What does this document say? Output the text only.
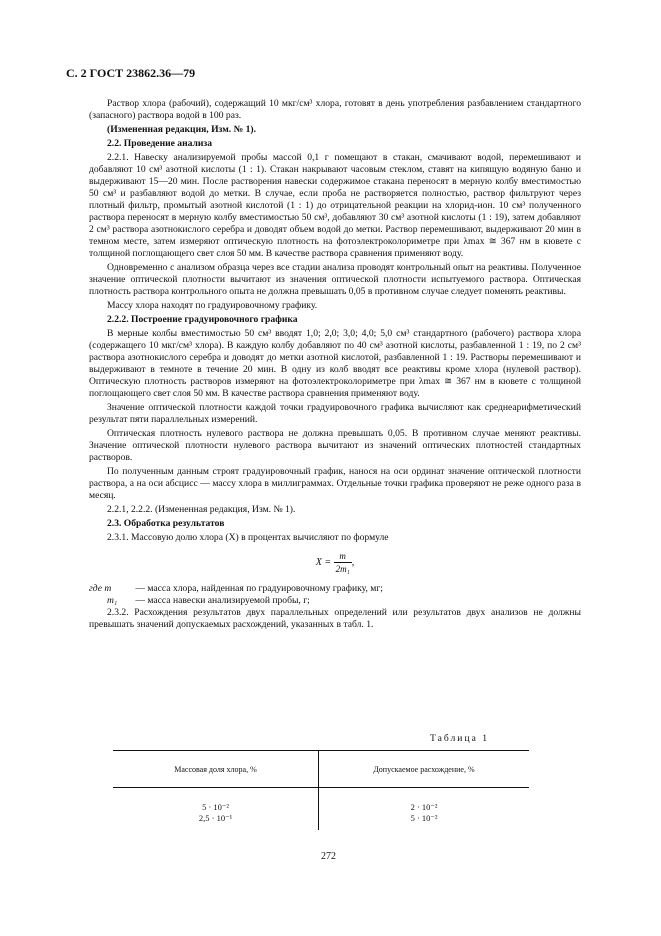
С. 2 ГОСТ 23862.36—79

Раствор хлора (рабочий), содержащий 10 мкг/см³ хлора, готовят в день употребления разбавлением стандартного (запасного) раствора водой в 100 раз.

(Измененная редакция, Изм. № 1).

2.2. Проведение анализа

2.2.1. Навеску анализируемой пробы массой 0,1 г помещают в стакан, смачивают водой, перемешивают и добавляют 10 см³ азотной кислоты (1 : 1). Стакан накрывают часовым стеклом, ставят на кипящую водяную баню и выдерживают 15—20 мин. После растворения навески содержимое стакана переносят в мерную колбу вместимостью 50 см³ и разбавляют водой до метки. В случае, если проба не растворяется полностью, раствор фильтруют через плотный фильтр, промытый азотной кислотой (1 : 1) до отрицательной реакции на хлорид-ион. 10 см³ полученного раствора переносят в мерную колбу вместимостью 50 см³, добавляют 30 см³ азотной кислоты (1 : 19), затем добавляют 2 см³ раствора азотнокислого серебра и доводят объем водой до метки. Раствор перемешивают, выдерживают 20 мин в темном месте, затем измеряют оптическую плотность на фотоэлектроколориметре при λmax ≅ 367 нм в кювете с толщиной поглощающего свет слоя 50 мм. В качестве раствора сравнения применяют воду.

Одновременно с анализом образца через все стадии анализа проводят контрольный опыт на реактивы. Полученное значение оптической плотности вычитают из значения оптической плотности испытуемого раствора. Оптическая плотность раствора контрольного опыта не должна превышать 0,05 в противном случае следует поменять реактивы.

Массу хлора находят по градуировочному графику.

2.2.2. Построение градуировочного графика

В мерные колбы вместимостью 50 см³ вводят 1,0; 2,0; 3,0; 4,0; 5,0 см³ стандартного (рабочего) раствора хлора (содержащего 10 мкг/см³ хлора). В каждую колбу добавляют по 40 см³ азотной кислоты, разбавленной 1 : 19, по 2 см³ раствора азотнокислого серебра и доводят до метки азотной кислотой, разбавленной 1 : 19. Растворы перемешивают и выдерживают в темноте в течение 20 мин. В одну из колб вводят все реактивы кроме хлора (нулевой раствор). Оптическую плотность растворов измеряют на фотоэлектроколориметре при λmax ≅ 367 нм в кювете с толщиной поглощающего свет слоя 50 мм. В качестве раствора сравнения применяют воду.

Значение оптической плотности каждой точки градуировочного графика вычисляют как среднеарифметический результат пяти параллельных измерений.

Оптическая плотность нулевого раствора не должна превышать 0,05. В противном случае меняют реактивы. Значение оптической плотности нулевого раствора вычитают из значений оптических плотностей стандартных растворов.

По полученным данным строят градуировочный график, нанося на оси ординат значение оптической плотности раствора, а на оси абсцисс — массу хлора в миллиграммах. Отдельные точки графика проверяют не реже одного раза в месяц.

2.2.1, 2.2.2. (Измененная редакция, Изм. № 1).

2.3. Обработка результатов

2.3.1. Массовую долю хлора (X) в процентах вычисляют по формуле

$X = \frac{m}{\text{2m₁}}$ ,

где m	— масса хлора, найденная по градуировочному графику, мг;

m₁ — масса навески анализируемой пробы, г;

2.3.2. Расхождения результатов двух параллельных определений или результатов двух анализов не должны превышать значений допускаемых расхождений, указанных в табл. 1.

Таблица 1
Массовая доля хлора, %	Допускаемое расхождение, %
5 · 10⁻²
2,5 · 10⁻¹
2 · 10⁻²
5 · 10⁻²
272
